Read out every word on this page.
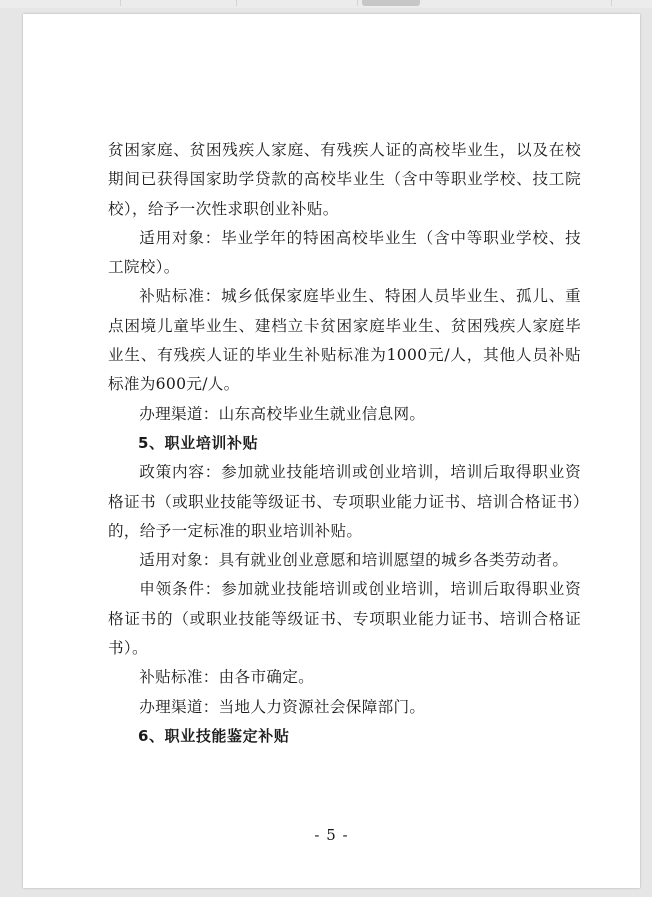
贫困家庭、贫困残疾人家庭、有残疾人证的高校毕业生，以及在校期间已获得国家助学贷款的高校毕业生（含中等职业学校、技工院校），给予一次性求职创业补贴。

适用对象：毕业学年的特困高校毕业生（含中等职业学校、技工院校）。

补贴标准：城乡低保家庭毕业生、特困人员毕业生、孤儿、重点困境儿童毕业生、建档立卡贫困家庭毕业生、贫困残疾人家庭毕业生、有残疾人证的毕业生补贴标准为1000元/人，其他人员补贴标准为600元/人。

办理渠道：山东高校毕业生就业信息网。

5、职业培训补贴

政策内容：参加就业技能培训或创业培训，培训后取得职业资格证书（或职业技能等级证书、专项职业能力证书、培训合格证书）的，给予一定标准的职业培训补贴。

适用对象：具有就业创业意愿和培训愿望的城乡各类劳动者。

申领条件：参加就业技能培训或创业培训，培训后取得职业资格证书的（或职业技能等级证书、专项职业能力证书、培训合格证书）。

补贴标准：由各市确定。

办理渠道：当地人力资源社会保障部门。

6、职业技能鉴定补贴

- 5 -
